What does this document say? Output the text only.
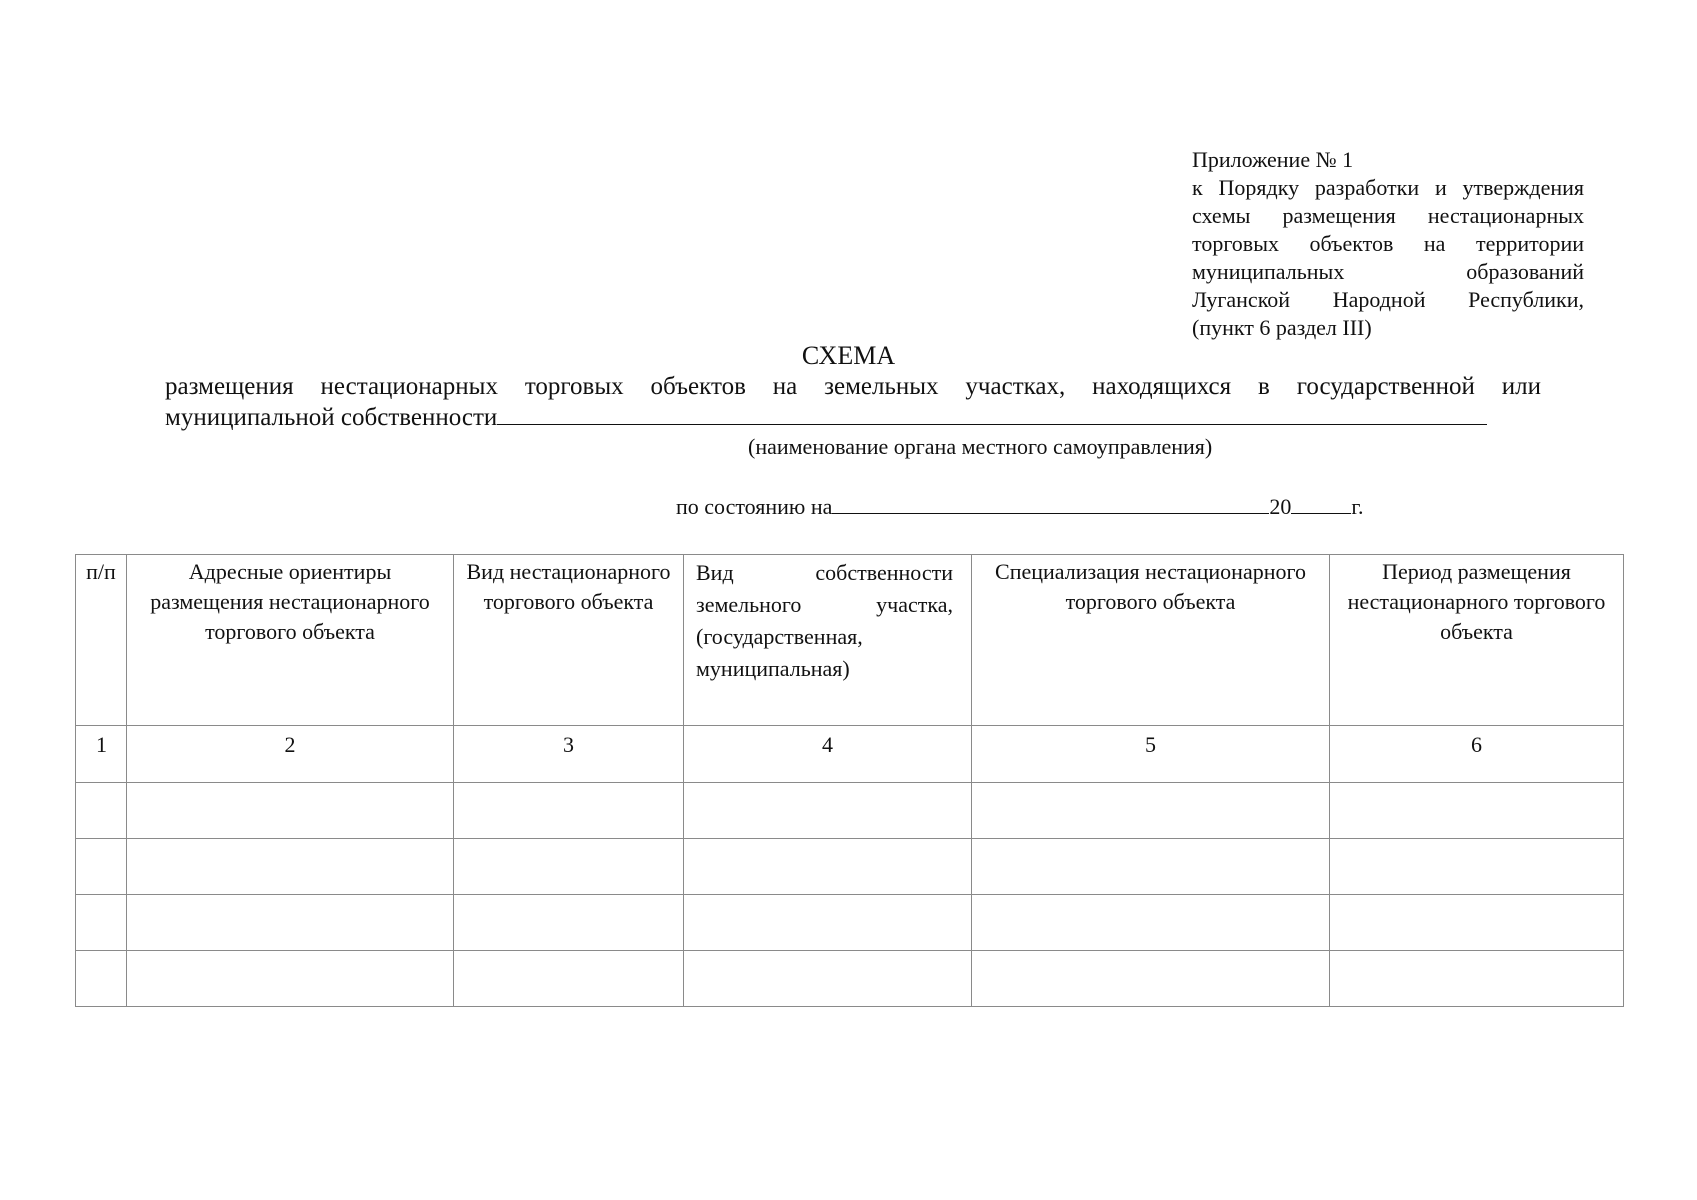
Приложение № 1
к Порядку разработки и утверждения
схемы размещения нестационарных
торговых объектов на территории
муниципальных образований
Луганской Народной Республики,
(пункт 6 раздел III)
СХЕМА
размещения нестационарных торговых объектов на земельных участках, находящихся в государственной или
муниципальной собственности
(наименование органа местного самоуправления)
по состоянию на	20	г.
п/п	Адресные ориентиры размещения нестационарного торгового объекта	Вид нестационарного торгового объекта	Вид собственности земельного участка, (государственная, муниципальная)	Специализация нестационарного торгового объекта	Период размещения нестационарного торгового объекта
1	2	3	4	5	6
